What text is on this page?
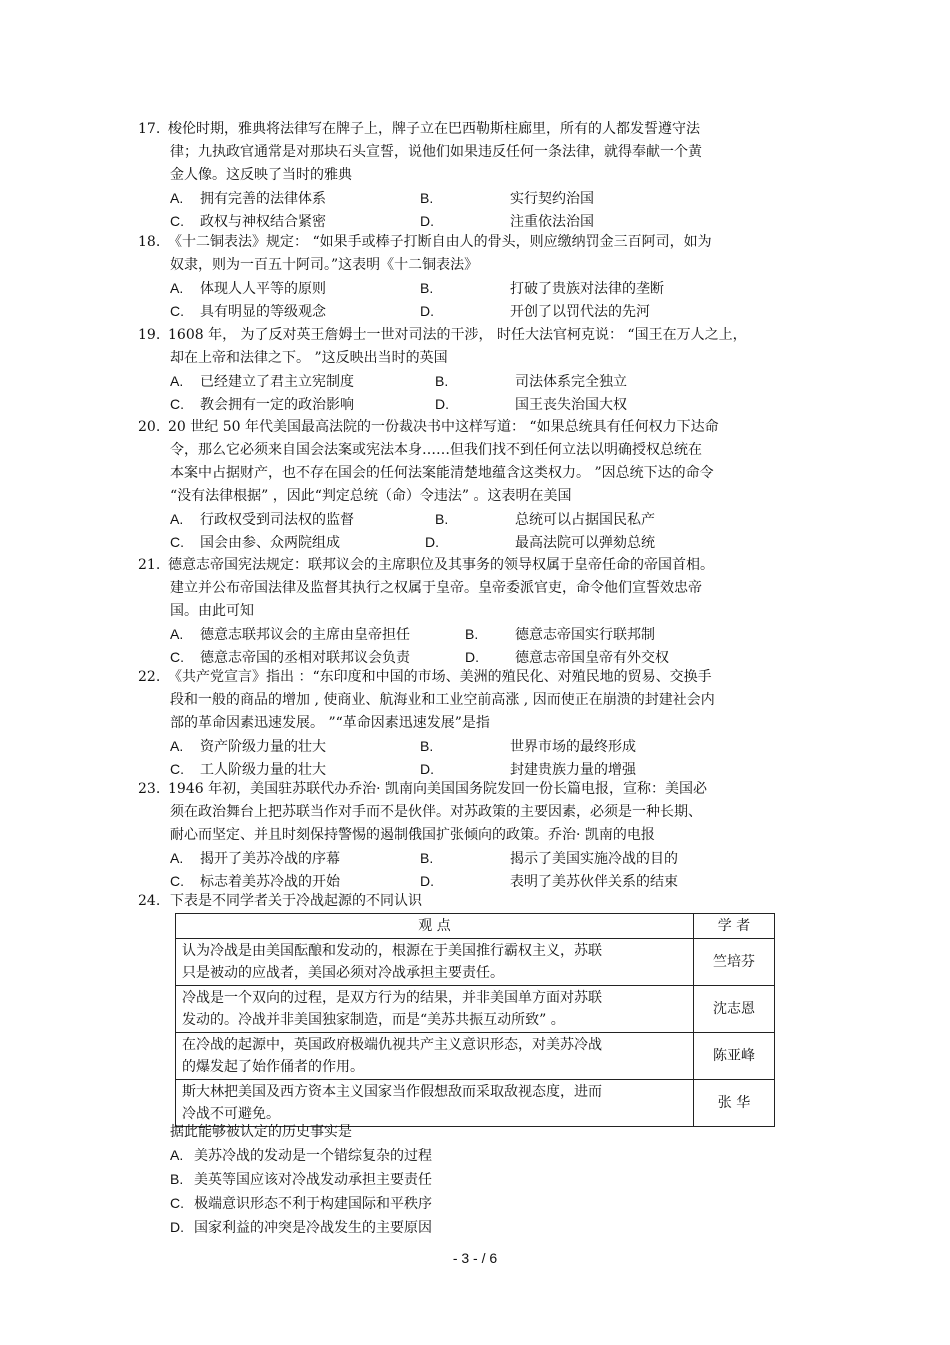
17. 梭伦时期，雅典将法律写在牌子上，牌子立在巴西勒斯柱廊里，所有的人都发誓遵守法
律；九执政官通常是对那块石头宣誓，说他们如果违反任何一条法律，就得奉献一个黄
金人像。这反映了当时的雅典
A. 拥有完善的法律体系	B.	实行契约治国
C. 政权与神权结合紧密	D.	注重依法治国
18. 《十二铜表法》规定： “如果手或棒子打断自由人的骨头，则应缴纳罚金三百阿司，如为
奴隶，则为一百五十阿司。”这表明《十二铜表法》
A. 体现人人平等的原则	B.	打破了贵族对法律的垄断
C. 具有明显的等级观念	D.	开创了以罚代法的先河
19. 1608 年， 为了反对英王詹姆士一世对司法的干涉， 时任大法官柯克说： “国王在万人之上，
却在上帝和法律之下。 ”这反映出当时的英国
A. 已经建立了君主立宪制度	B.	司法体系完全独立
C. 教会拥有一定的政治影响	D.	国王丧失治国大权
20. 20 世纪 50 年代美国最高法院的一份裁决书中这样写道： “如果总统具有任何权力下达命
令，那么它必须来自国会法案或宪法本身……但我们找不到任何立法以明确授权总统在
本案中占据财产，也不存在国会的任何法案能清楚地蕴含这类权力。 ”因总统下达的命令
“没有法律根据” ，因此“判定总统（命）令违法” 。这表明在美国
A. 行政权受到司法权的监督	B.	总统可以占据国民私产
C. 国会由参、众两院组成	D.	最高法院可以弹劾总统
21. 德意志帝国宪法规定：联邦议会的主席职位及其事务的领导权属于皇帝任命的帝国首相。
建立并公布帝国法律及监督其执行之权属于皇帝。皇帝委派官吏，命令他们宣誓效忠帝
国。由此可知
A. 德意志联邦议会的主席由皇帝担任	B.	德意志帝国实行联邦制
C. 德意志帝国的丞相对联邦议会负责	D.	德意志帝国皇帝有外交权
22. 《共产党宣言》指出 ：“东印度和中国的市场、美洲的殖民化、对殖民地的贸易、交换手
段和一般的商品的增加 , 使商业、航海业和工业空前高涨 , 因而使正在崩溃的封建社会内
部的革命因素迅速发展。 ”“革命因素迅速发展”是指
A. 资产阶级力量的壮大	B.	世界市场的最终形成
C. 工人阶级力量的壮大	D.	封建贵族力量的增强
23. 1946 年初，美国驻苏联代办乔治· 凯南向美国国务院发回一份长篇电报，宣称：美国必
须在政治舞台上把苏联当作对手而不是伙伴。对苏政策的主要因素，必须是一种长期、
耐心而坚定、并且时刻保持警惕的遏制俄国扩张倾向的政策。乔治· 凯南的电报
A. 揭开了美苏冷战的序幕	B.	揭示了美国实施冷战的目的
C. 标志着美苏冷战的开始	D.	表明了美苏伙伴关系的结束
24. 下表是不同学者关于冷战起源的不同认识
观 点	学 者

认为冷战是由美国酝酿和发动的，根源在于美国推行霸权主义，苏联
只是被动的应战者，美国必须对冷战承担主要责任。	竺培芬

冷战是一个双向的过程，是双方行为的结果，并非美国单方面对苏联
发动的。冷战并非美国独家制造，而是“美苏共振互动所致” 。	沈志恩

在冷战的起源中，英国政府极端仇视共产主义意识形态，对美苏冷战
的爆发起了始作俑者的作用。	陈亚峰

斯大林把美国及西方资本主义国家当作假想敌而采取敌视态度，进而
冷战不可避免。	张 华
据此能够被认定的历史事实是
A. 美苏冷战的发动是一个错综复杂的过程
B. 美英等国应该对冷战发动承担主要责任
C. 极端意识形态不利于构建国际和平秩序
D. 国家利益的冲突是冷战发生的主要原因
- 3 - / 6
